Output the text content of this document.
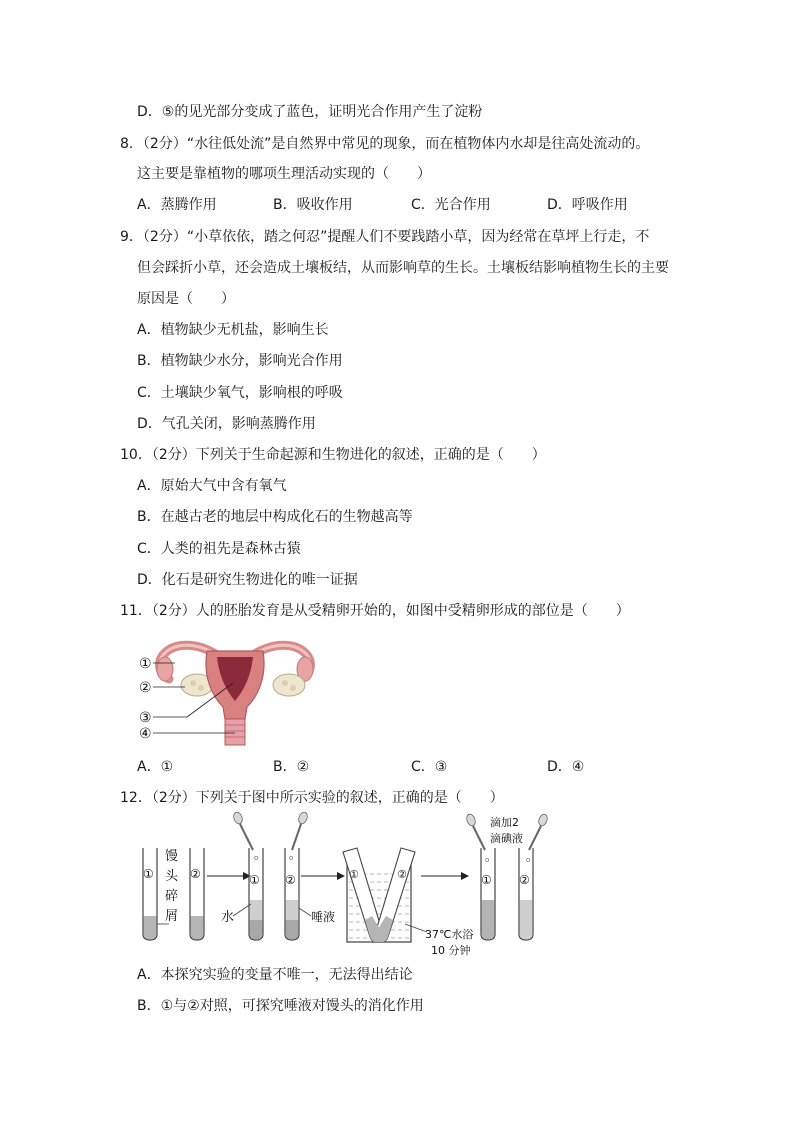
D．⑤的见光部分变成了蓝色，证明光合作用产生了淀粉
8．（2分）“水往低处流”是自然界中常见的现象，而在植物体内水却是往高处流动的。
这主要是靠植物的哪项生理活动实现的（　　）
A．蒸腾作用	B．吸收作用	C．光合作用	D．呼吸作用
9．（2分）“小草依依，踏之何忍”提醒人们不要践踏小草，因为经常在草坪上行走，不
但会踩折小草，还会造成土壤板结，从而影响草的生长。土壤板结影响植物生长的主要
原因是（　　）
A．植物缺少无机盐，影响生长
B．植物缺少水分，影响光合作用
C．土壤缺少氧气，影响根的呼吸
D．气孔关闭，影响蒸腾作用
10．（2分）下列关于生命起源和生物进化的叙述，正确的是（　　）
A．原始大气中含有氧气
B．在越古老的地层中构成化石的生物越高等
C．人类的祖先是森林古猿
D．化石是研究生物进化的唯一证据
11．（2分）人的胚胎发育是从受精卵开始的，如图中受精卵形成的部位是（　　）
①
②
③
④
A．①	B．②	C．③	D．④
12．（2分）下列关于图中所示实验的叙述，正确的是（　　）
①	②
馒
头
碎
屑
①
o
水
②
o
唾液
①	②
37℃水浴
10 分钟
①
o
②
o
滴加2
滴碘液
A．本探究实验的变量不唯一，无法得出结论
B．①与②对照，可探究唾液对馒头的消化作用
